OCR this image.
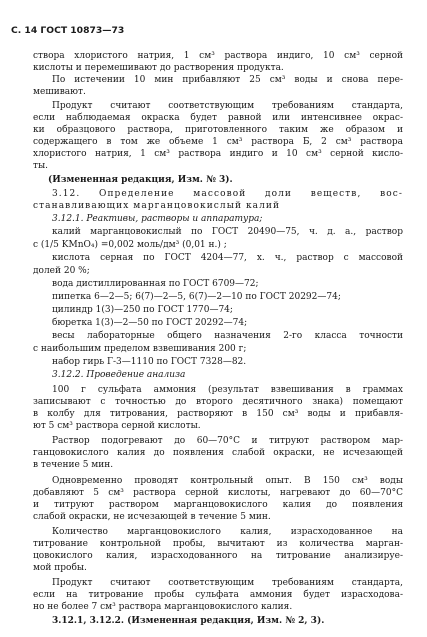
С. 14 ГОСТ 10873—73
створа хлористого натрия, 1 см³ раствора индиго, 10 см³ серной
кислоты и перемешивают до растворения продукта.
По истечении 10 мин прибавляют 25 см³ воды и снова пере-
мешивают.
Продукт считают соответствующим требованиям стандарта,
если наблюдаемая окраска будет равной или интенсивнее окрас-
ки образцового раствора, приготовленного таким же образом и
содержащего в том же объеме 1 см³ раствора Б, 2 см³ раствора
хлористого натрия, 1 см³ раствора индиго и 10 см³ серной кисло-
ты.
(Измененная редакция, Изм. № 3).
3.12. Определение массовой доли веществ, вос-
станавливающих марганцовокислый калий
3.12.1. Реактивы, растворы и аппаратура;
калий марганцовокислый по ГОСТ 20490—75, ч. д. а., раствор
с (1/5 KMnO₄) =0,002 моль/дм³ (0,01 н.) ;
кислота серная по ГОСТ 4204—77, х. ч., раствор с массовой
долей 20 %;
вода дистиллированная по ГОСТ 6709—72;
пипетка 6—2—5; 6(7)—2—5, 6(7)—2—10 по ГОСТ 20292—74;
цилиндр 1(3)—250 по ГОСТ 1770—74;
бюретка 1(3)—2—50 по ГОСТ 20292—74;
весы лабораторные общего назначения 2-го класса точности
с наибольшим пределом взвешивания 200 г;
набор гирь Г-3—1110 по ГОСТ 7328—82.
3.12.2. Проведение анализа
100 г сульфата аммония (результат взвешивания в граммах
записывают с точностью до второго десятичного знака) помещают
в колбу для титрования, растворяют в 150 см³ воды и прибавля-
ют 5 см³ раствора серной кислоты.
Раствор подогревают до 60—70°С и титруют раствором мар-
ганцовокислого калия до появления слабой окраски, не исчезающей
в течение 5 мин.
Одновременно проводят контрольный опыт. В 150 см³ воды
добавляют 5 см³ раствора серной кислоты, нагревают до 60—70°С
и титруют раствором марганцовокислого калия до появления
слабой окраски, не исчезающей в течение 5 мин.
Количество марганцовокислого калия, израсходованное на
титрование контрольной пробы, вычитают из количества марган-
цовокислого калия, израсходованного на титрование анализируе-
мой пробы.
Продукт считают соответствующим требованиям стандарта,
если на титрование пробы сульфата аммония будет израсходова-
но не более 7 см³ раствора марганцовокислого калия.
3.12.1, 3.12.2. (Измененная редакция, Изм. № 2, 3).
